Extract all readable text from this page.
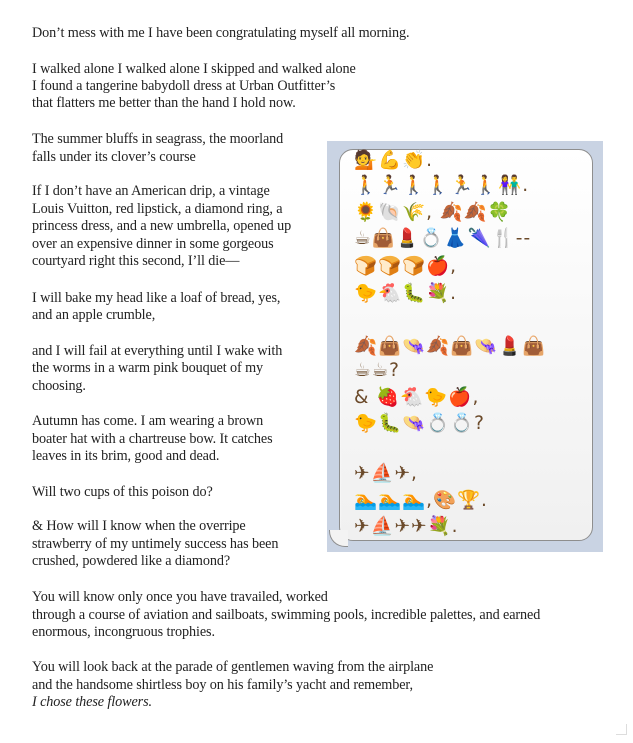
Don’t mess with me I have been congratulating myself all morning.
I walked alone I walked alone I skipped and walked alone
I found a tangerine babydoll dress at Urban Outfitter’s
that flatters me better than the hand I hold now.
The summer bluffs in seagrass, the moorland
falls under its clover’s course
If I don’t have an American drip, a vintage
Louis Vuitton, red lipstick, a diamond ring, a
princess dress, and a new umbrella, opened up
over an expensive dinner in some gorgeous
courtyard right this second, I’ll die—
I will bake my head like a loaf of bread, yes,
and an apple crumble,
and I will fail at everything until I wake with
the worms in a warm pink bouquet of my
choosing.
Autumn has come. I am wearing a brown
boater hat with a chartreuse bow. It catches
leaves in its brim, good and dead.
Will two cups of this poison do?
& How will I know when the overripe
strawberry of my untimely success has been
crushed, powdered like a diamond?
You will know only once you have travailed, worked
through a course of aviation and sailboats, swimming pools, incredible palettes, and earned
enormous, incongruous trophies.
You will look back at the parade of gentlemen waving from the airplane
and the handsome shirtless boy on his family’s yacht and remember,
I chose these flowers.
💁💪👏.
🚶🏃🚶🚶🏃🚶👫.
🌻🐚🌾, 🍂🍂🍀
☕👜💄💍👗🌂🍴--
🍞🍞🍞🍎,
🐤🐔🐛💐.
🍂👜👒🍂👜👒💄👜
☕☕?
& 🍓🐔🐤🍎,
🐤🐛👒💍💍?
✈⛵✈,
🏊🏊🏊,🎨🏆.
✈⛵✈✈💐.
